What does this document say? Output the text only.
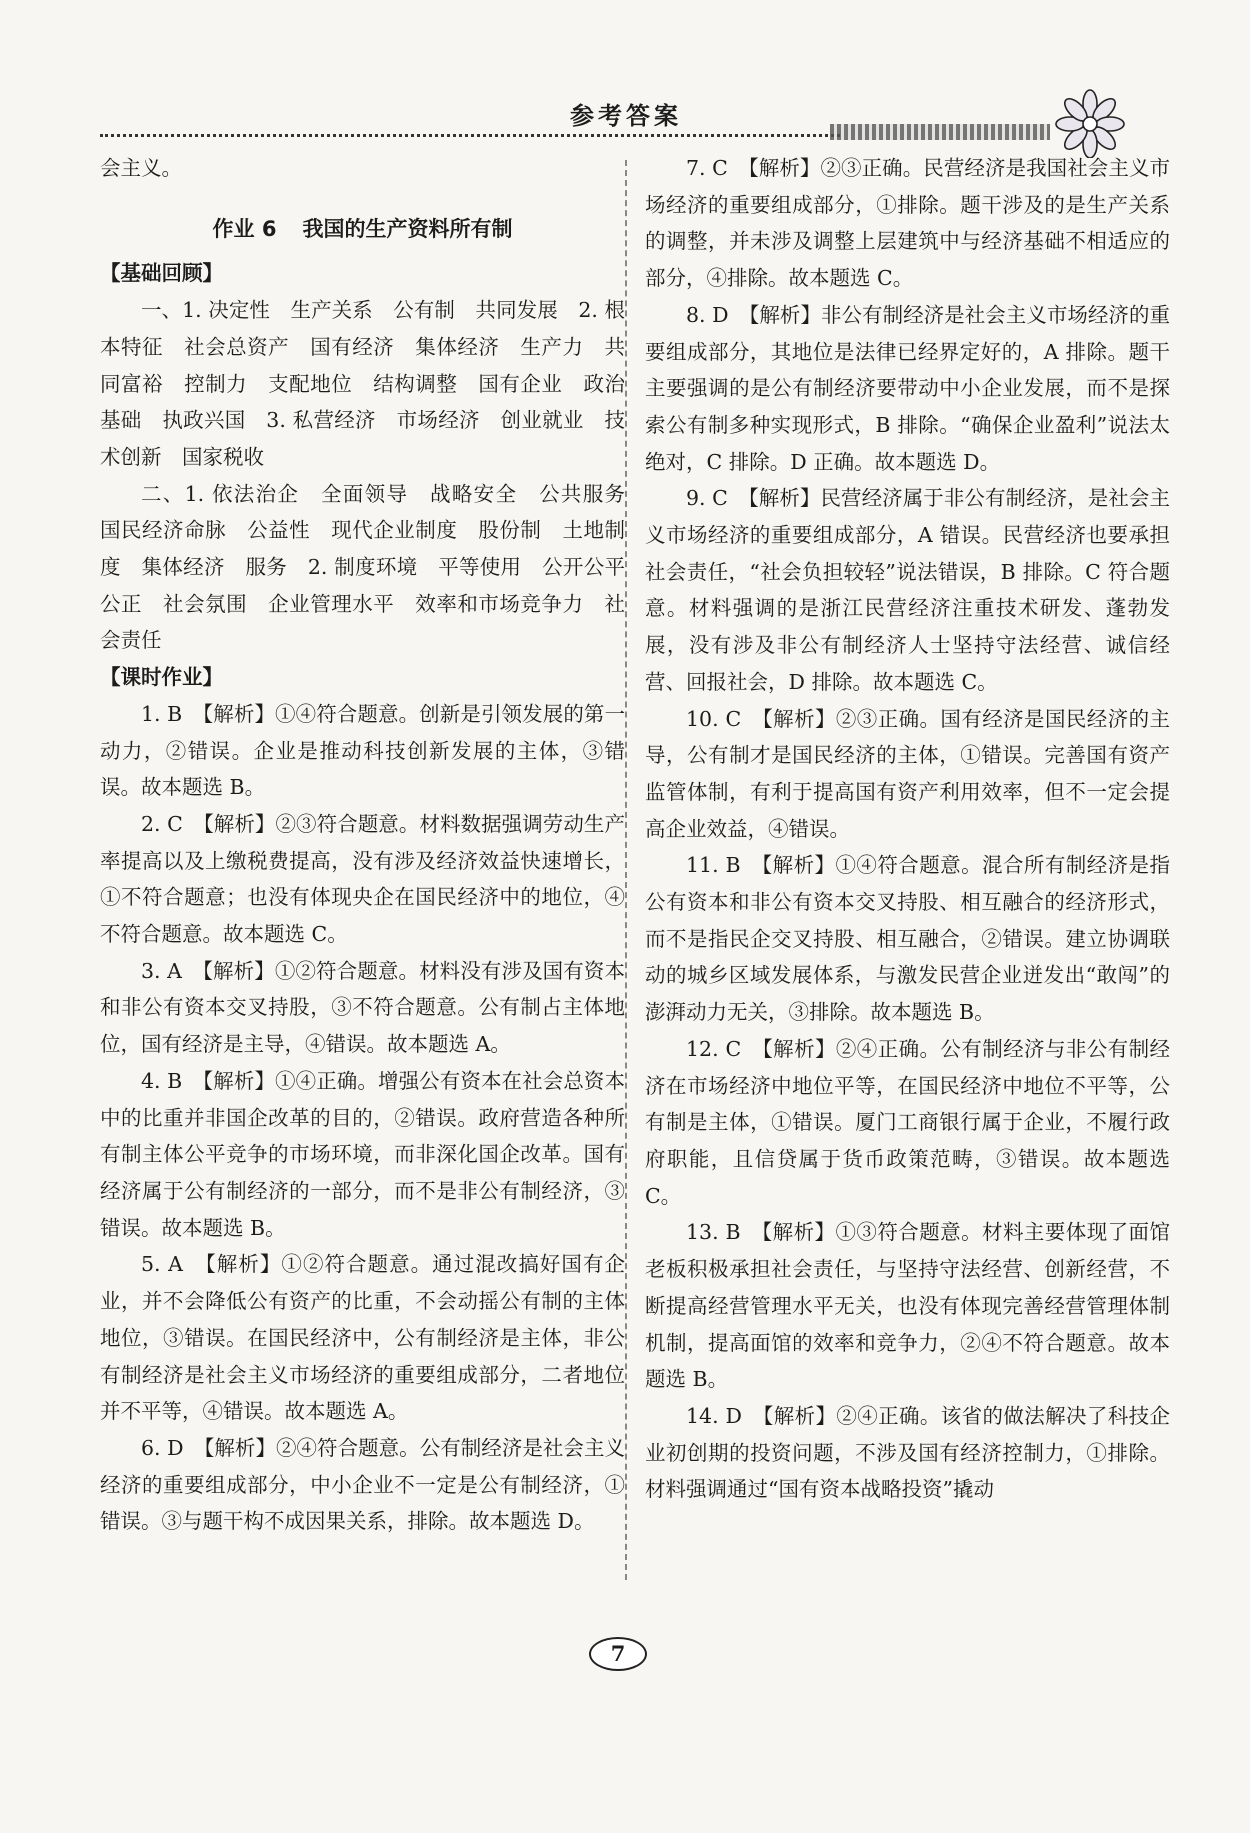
参考答案

会主义。

作业 6 我国的生产资料所有制

【基础回顾】

一、1. 决定性　生产关系　公有制　共同发展　2. 根本特征　社会总资产　国有经济　集体经济　生产力　共同富裕　控制力　支配地位　结构调整　国有企业　政治基础　执政兴国　3. 私营经济　市场经济　创业就业　技术创新　国家税收

二、1. 依法治企　全面领导　战略安全　公共服务　国民经济命脉　公益性　现代企业制度　股份制　土地制度　集体经济　服务　2. 制度环境　平等使用　公开公平公正　社会氛围　企业管理水平　效率和市场竞争力　社会责任

【课时作业】

1. B　【解析】①④符合题意。创新是引领发展的第一动力，②错误。企业是推动科技创新发展的主体，③错误。故本题选 B。

2. C　【解析】②③符合题意。材料数据强调劳动生产率提高以及上缴税费提高，没有涉及经济效益快速增长，①不符合题意；也没有体现央企在国民经济中的地位，④不符合题意。故本题选 C。

3. A　【解析】①②符合题意。材料没有涉及国有资本和非公有资本交叉持股，③不符合题意。公有制占主体地位，国有经济是主导，④错误。故本题选 A。

4. B　【解析】①④正确。增强公有资本在社会总资本中的比重并非国企改革的目的，②错误。政府营造各种所有制主体公平竞争的市场环境，而非深化国企改革。国有经济属于公有制经济的一部分，而不是非公有制经济，③错误。故本题选 B。

5. A　【解析】①②符合题意。通过混改搞好国有企业，并不会降低公有资产的比重，不会动摇公有制的主体地位，③错误。在国民经济中，公有制经济是主体，非公有制经济是社会主义市场经济的重要组成部分，二者地位并不平等，④错误。故本题选 A。

6. D　【解析】②④符合题意。公有制经济是社会主义经济的重要组成部分，中小企业不一定是公有制经济，①错误。③与题干构不成因果关系，排除。故本题选 D。

7. C　【解析】②③正确。民营经济是我国社会主义市场经济的重要组成部分，①排除。题干涉及的是生产关系的调整，并未涉及调整上层建筑中与经济基础不相适应的部分，④排除。故本题选 C。

8. D　【解析】非公有制经济是社会主义市场经济的重要组成部分，其地位是法律已经界定好的，A 排除。题干主要强调的是公有制经济要带动中小企业发展，而不是探索公有制多种实现形式，B 排除。“确保企业盈利”说法太绝对，C 排除。D 正确。故本题选 D。

9. C　【解析】民营经济属于非公有制经济，是社会主义市场经济的重要组成部分，A 错误。民营经济也要承担社会责任，“社会负担较轻”说法错误，B 排除。C 符合题意。材料强调的是浙江民营经济注重技术研发、蓬勃发展，没有涉及非公有制经济人士坚持守法经营、诚信经营、回报社会，D 排除。故本题选 C。

10. C　【解析】②③正确。国有经济是国民经济的主导，公有制才是国民经济的主体，①错误。完善国有资产监管体制，有利于提高国有资产利用效率，但不一定会提高企业效益，④错误。

11. B　【解析】①④符合题意。混合所有制经济是指公有资本和非公有资本交叉持股、相互融合的经济形式，而不是指民企交叉持股、相互融合，②错误。建立协调联动的城乡区域发展体系，与激发民营企业迸发出“敢闯”的澎湃动力无关，③排除。故本题选 B。

12. C　【解析】②④正确。公有制经济与非公有制经济在市场经济中地位平等，在国民经济中地位不平等，公有制是主体，①错误。厦门工商银行属于企业，不履行政府职能，且信贷属于货币政策范畴，③错误。故本题选 C。

13. B　【解析】①③符合题意。材料主要体现了面馆老板积极承担社会责任，与坚持守法经营、创新经营，不断提高经营管理水平无关，也没有体现完善经营管理体制机制，提高面馆的效率和竞争力，②④不符合题意。故本题选 B。

14. D　【解析】②④正确。该省的做法解决了科技企业初创期的投资问题，不涉及国有经济控制力，①排除。材料强调通过“国有资本战略投资”撬动

7
